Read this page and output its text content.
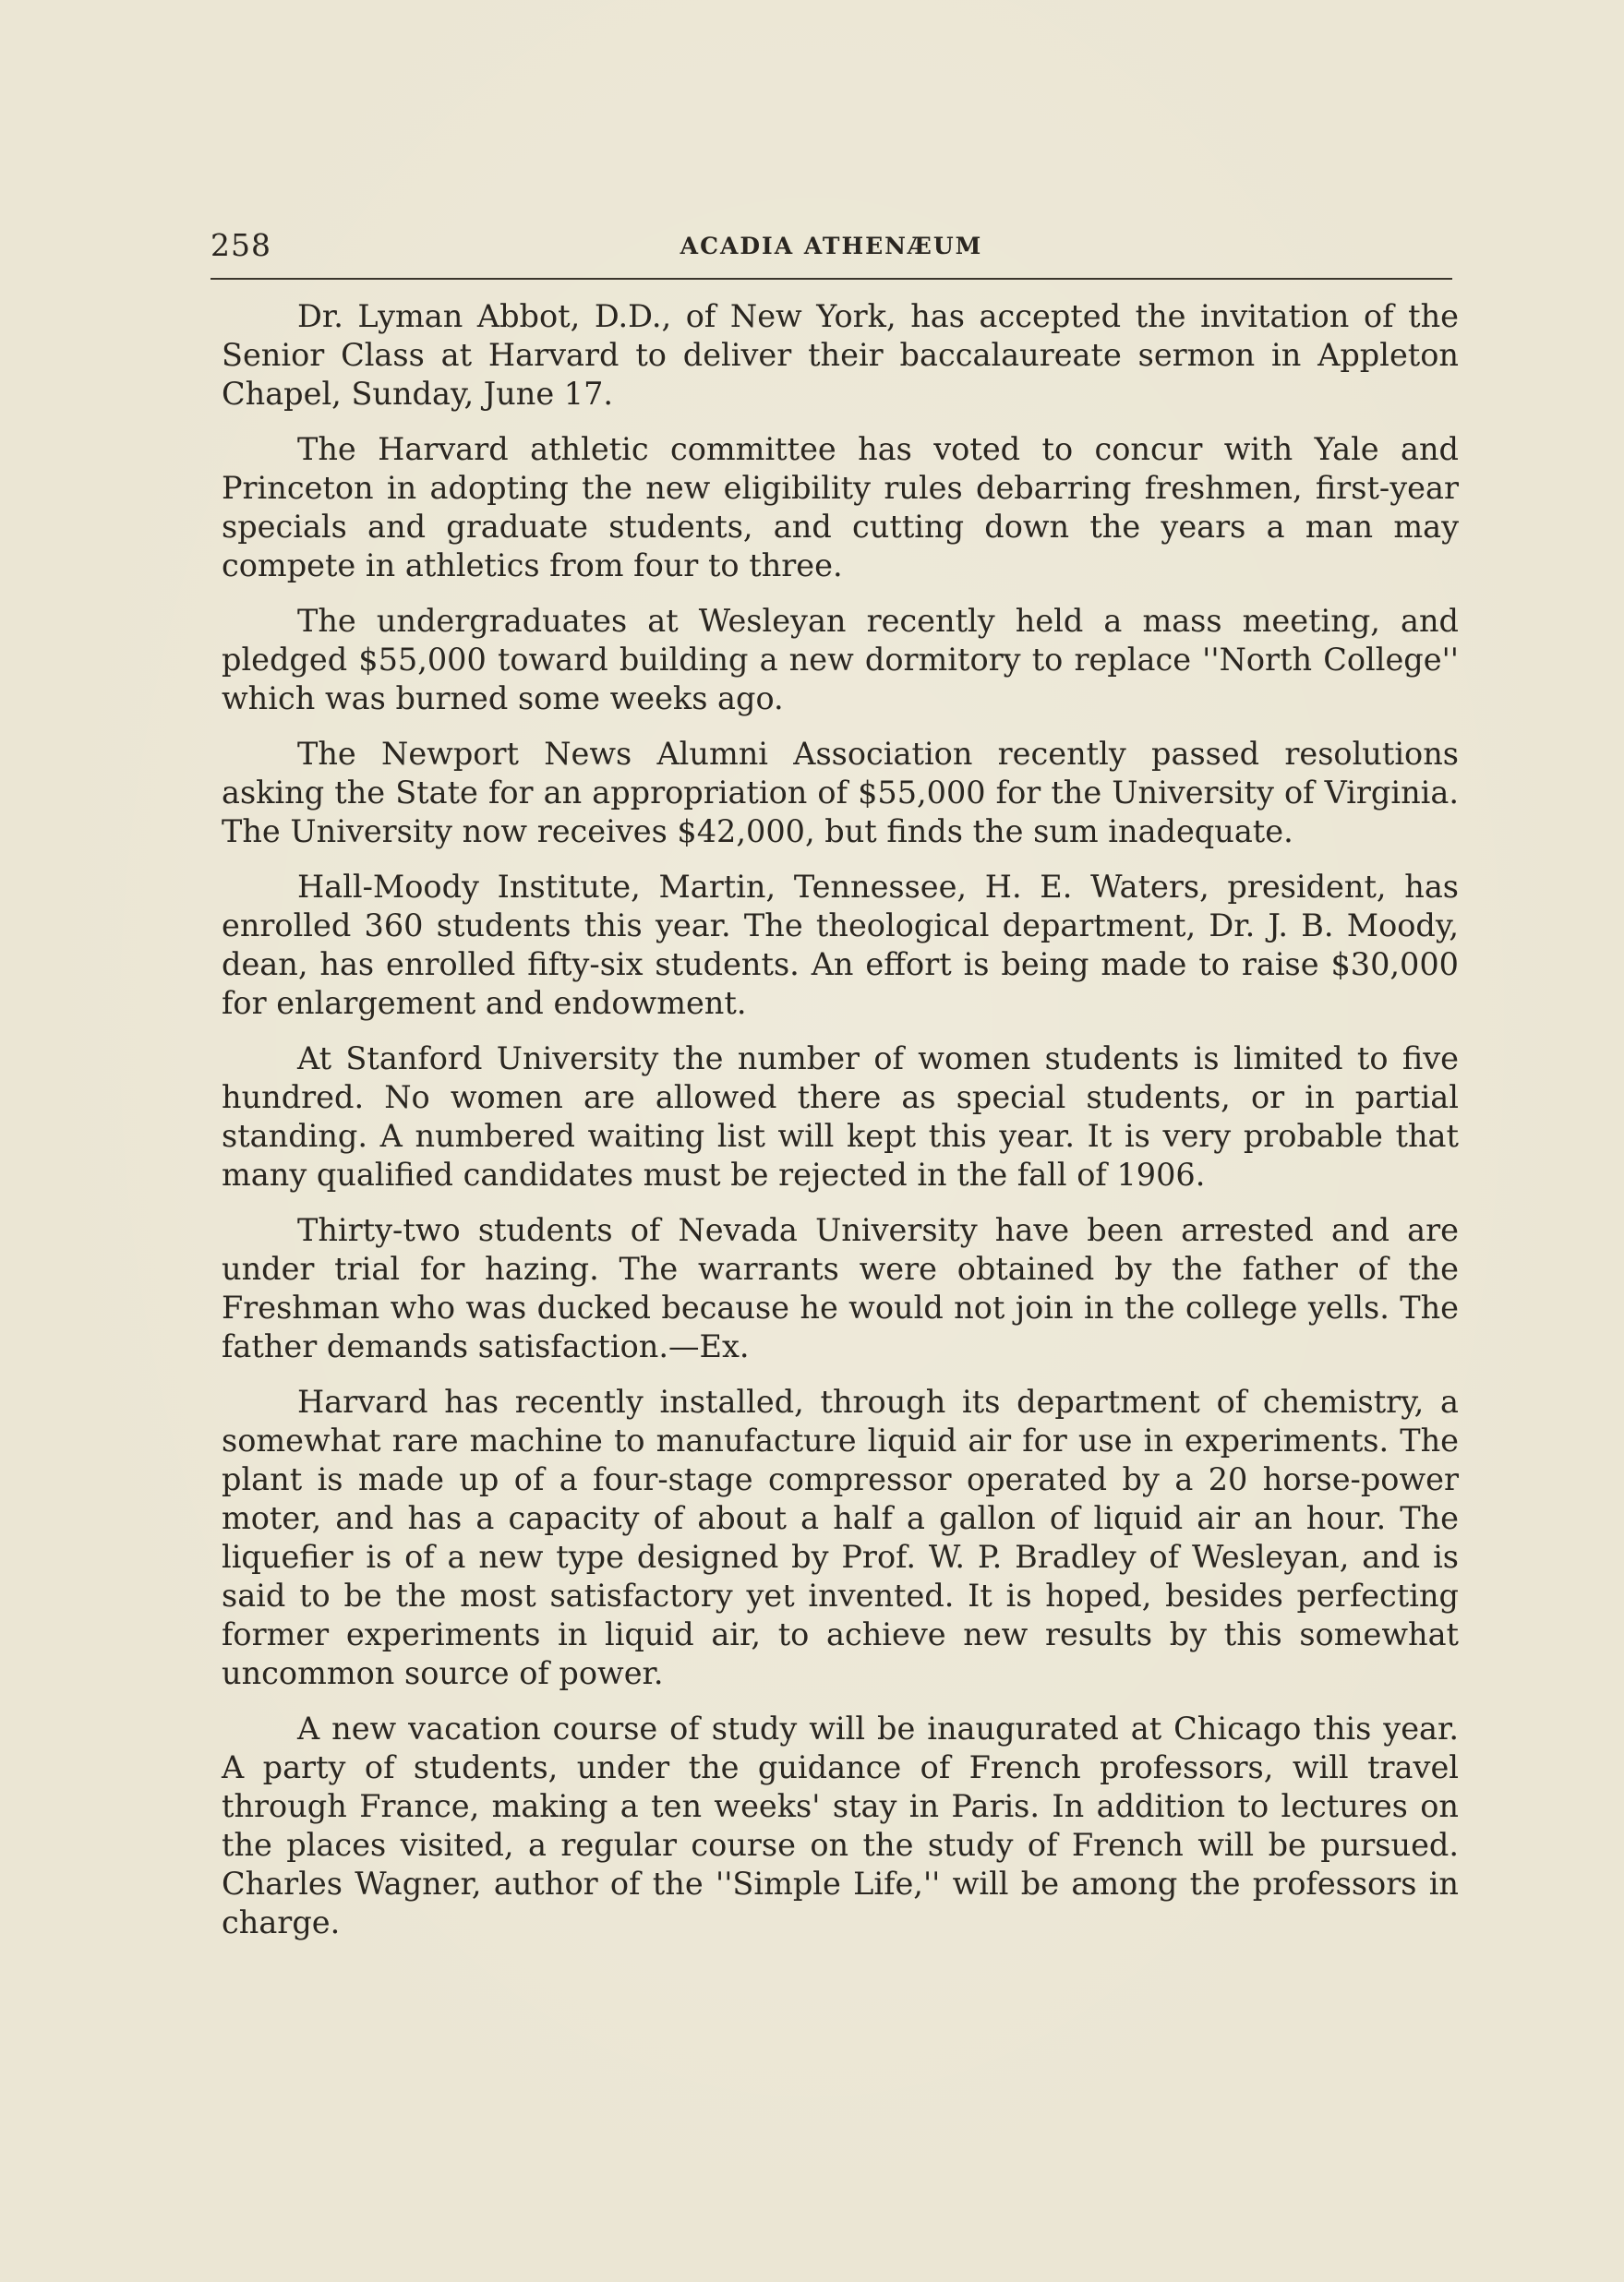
258	ACADIA ATHENÆUM

Dr. Lyman Abbot, D.D., of New York, has accepted the invitation of the Senior Class at Harvard to deliver their baccalaureate sermon in Appleton Chapel, Sunday, June 17.

The Harvard athletic committee has voted to concur with Yale and Princeton in adopting the new eligibility rules debarring freshmen, first-year specials and graduate students, and cutting down the years a man may compete in athletics from four to three.

The undergraduates at Wesleyan recently held a mass meeting, and pledged $55,000 toward building a new dormitory to replace ''North College'' which was burned some weeks ago.

The Newport News Alumni Association recently passed resolutions asking the State for an appropriation of $55,000 for the University of Virginia. The University now receives $42,000, but finds the sum inadequate.

Hall-Moody Institute, Martin, Tennessee, H. E. Waters, president, has enrolled 360 students this year. The theological department, Dr. J. B. Moody, dean, has enrolled fifty-six students. An effort is being made to raise $30,000 for enlargement and endowment.

At Stanford University the number of women students is limited to five hundred. No women are allowed there as special students, or in partial standing. A numbered waiting list will kept this year. It is very probable that many qualified candidates must be rejected in the fall of 1906.

Thirty-two students of Nevada University have been arrested and are under trial for hazing. The warrants were obtained by the father of the Freshman who was ducked because he would not join in the college yells. The father demands satisfaction.—Ex.

Harvard has recently installed, through its department of chemistry, a somewhat rare machine to manufacture liquid air for use in experiments. The plant is made up of a four-stage compressor operated by a 20 horse-power moter, and has a capacity of about a half a gallon of liquid air an hour. The liquefier is of a new type designed by Prof. W. P. Bradley of Wesleyan, and is said to be the most satisfactory yet invented. It is hoped, besides perfecting former experiments in liquid air, to achieve new results by this somewhat uncommon source of power.

A new vacation course of study will be inaugurated at Chicago this year. A party of students, under the guidance of French professors, will travel through France, making a ten weeks' stay in Paris. In addition to lectures on the places visited, a regular course on the study of French will be pursued. Charles Wagner, author of the ''Simple Life,'' will be among the professors in charge.
